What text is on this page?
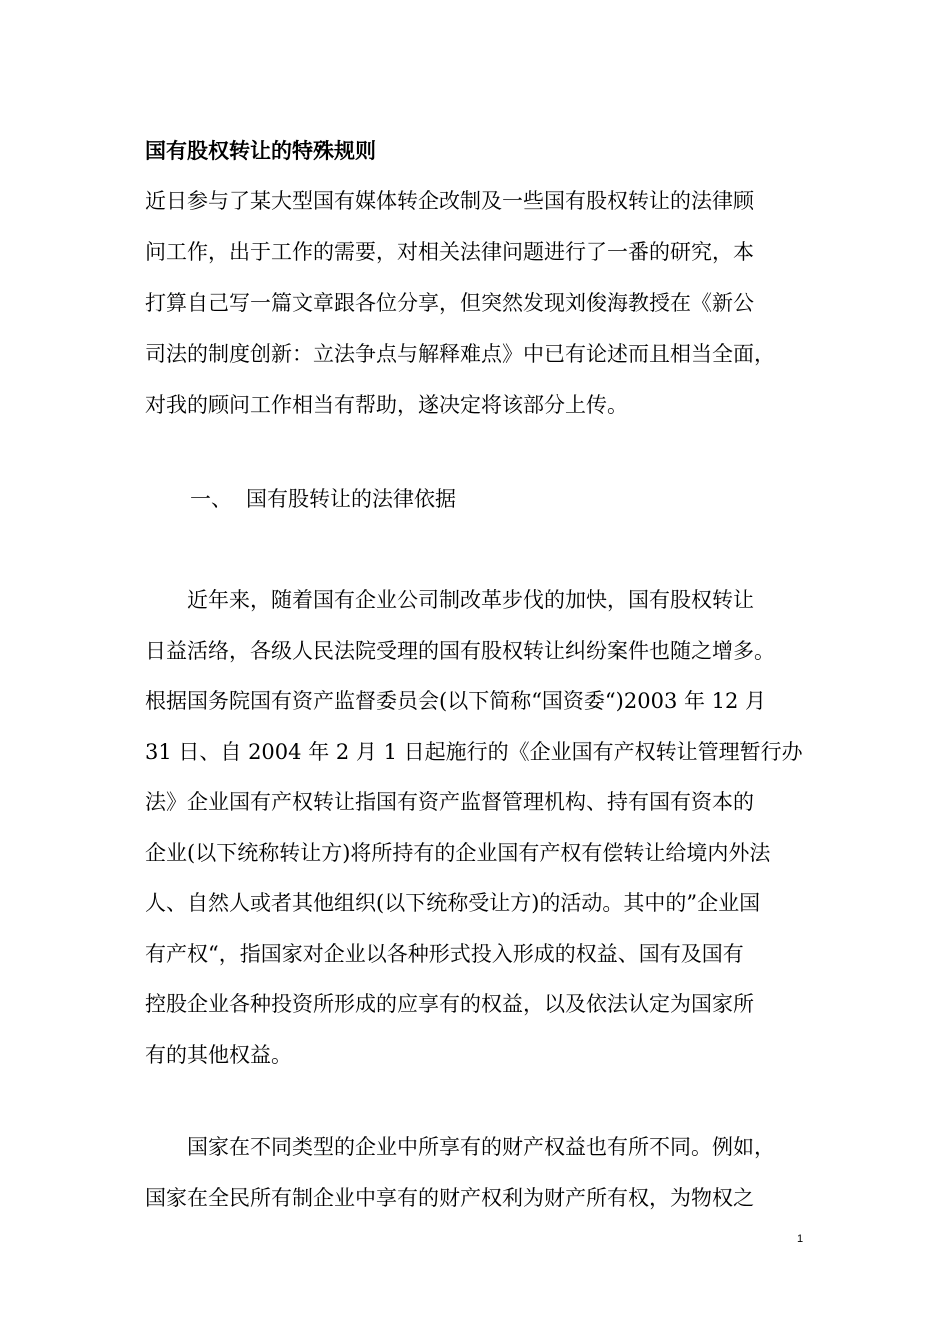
国有股权转让的特殊规则
近日参与了某大型国有媒体转企改制及一些国有股权转让的法律顾
问工作，出于工作的需要，对相关法律问题进行了一番的研究，本
打算自己写一篇文章跟各位分享，但突然发现刘俊海教授在《新公
司法的制度创新：立法争点与解释难点》中已有论述而且相当全面，
对我的顾问工作相当有帮助，遂决定将该部分上传。
一、 国有股转让的法律依据
　　近年来，随着国有企业公司制改革步伐的加快，国有股权转让
日益活络，各级人民法院受理的国有股权转让纠纷案件也随之增多。
根据国务院国有资产监督委员会(以下简称“国资委“)2003 年 12 月
31 日、自 2004 年 2 月 1 日起施行的《企业国有产权转让管理暂行办
法》企业国有产权转让指国有资产监督管理机构、持有国有资本的
企业(以下统称转让方)将所持有的企业国有产权有偿转让给境内外法
人、自然人或者其他组织(以下统称受让方)的活动。其中的”企业国
有产权“，指国家对企业以各种形式投入形成的权益、国有及国有
控股企业各种投资所形成的应享有的权益，以及依法认定为国家所
有的其他权益。
　　国家在不同类型的企业中所享有的财产权益也有所不同。例如，
国家在全民所有制企业中享有的财产权利为财产所有权，为物权之
1
